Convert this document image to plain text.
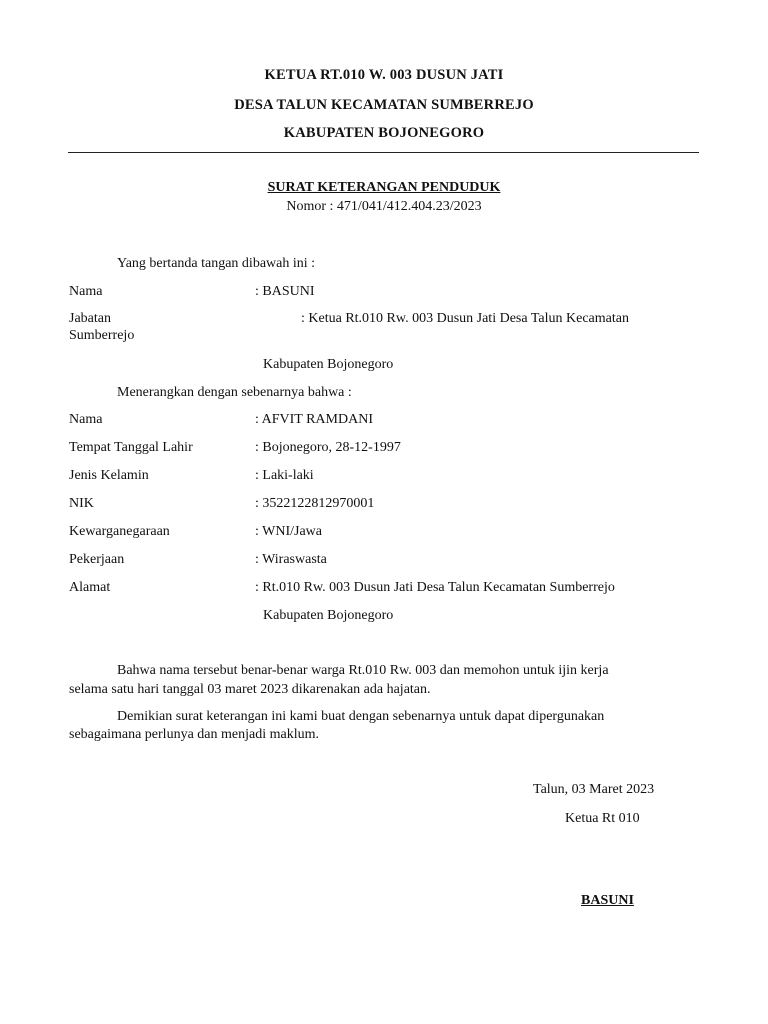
KETUA RT.010 W. 003 DUSUN JATI
DESA TALUN KECAMATAN SUMBERREJO
KABUPATEN BOJONEGORO
SURAT KETERANGAN PENDUDUK
Nomor : 471/041/412.404.23/2023
Yang bertanda tangan dibawah ini :
Nama	: BASUNI
Jabatan	: Ketua Rt.010 Rw. 003 Dusun Jati Desa Talun Kecamatan
Sumberrejo
Kabupaten Bojonegoro
Menerangkan dengan sebenarnya bahwa :
Nama	: AFVIT RAMDANI
Tempat Tanggal Lahir	: Bojonegoro, 28-12-1997
Jenis Kelamin	: Laki-laki
NIK	: 3522122812970001
Kewarganegaraan	: WNI/Jawa
Pekerjaan	: Wiraswasta
Alamat	: Rt.010 Rw. 003 Dusun Jati Desa Talun Kecamatan Sumberrejo
Kabupaten Bojonegoro
Bahwa nama tersebut benar-benar warga Rt.010 Rw. 003 dan memohon untuk ijin kerja
selama satu hari tanggal 03 maret 2023 dikarenakan ada hajatan.
Demikian surat keterangan ini kami buat dengan sebenarnya untuk dapat dipergunakan
sebagaimana perlunya dan menjadi maklum.
Talun, 03 Maret 2023
Ketua Rt 010
BASUNI
